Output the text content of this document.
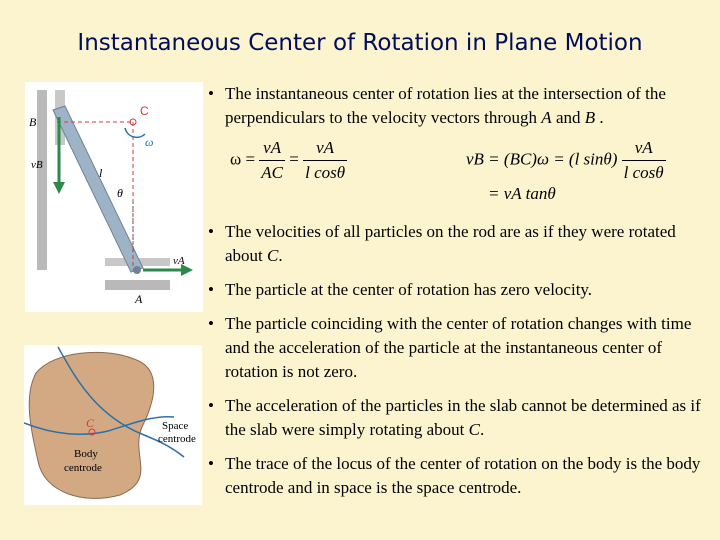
Instantaneous Center of Rotation in Plane Motion
C
ω
vB
B
vA
A
l
θ
C	Space
centrode
Body
centrode
• The instantaneous center of rotation lies at the intersection of the perpendiculars to the velocity vectors through A and B .
$\omega = \frac{vA}{AC} = \frac{vA}{\text{l cosθ}}$	vB = (BC)ω = (l $\sin\theta) \frac{vA}{\text{l cosθ}}$
= vA tanθ
• The velocities of all particles on the rod are as if they were rotated about C.
• The particle at the center of rotation has zero velocity.
• The particle coinciding with the center of rotation changes with time and the acceleration of the particle at the instantaneous center of rotation is not zero.
• The acceleration of the particles in the slab cannot be determined as if the slab were simply rotating about C.
• The trace of the locus of the center of rotation on the body is the body centrode and in space is the space centrode.
